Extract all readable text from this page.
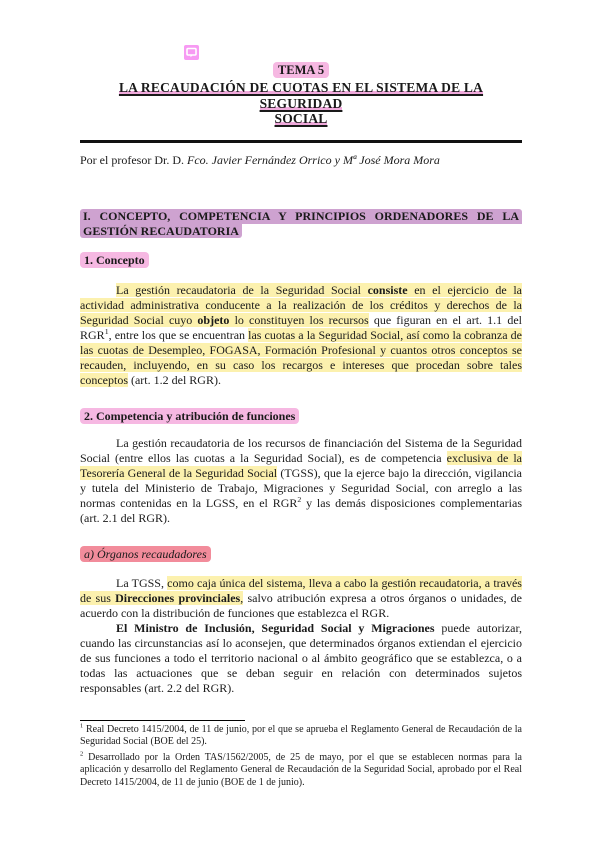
TEMA 5
LA RECAUDACIÓN DE CUOTAS EN EL SISTEMA DE LA SEGURIDAD
SOCIAL

Por el profesor Dr. D. Fco. Javier Fernández Orrico y Mª José Mora Mora

I. CONCEPTO, COMPETENCIA Y PRINCIPIOS ORDENADORES DE LA
GESTIÓN RECAUDATORIA
1. Concepto

La gestión recaudatoria de la Seguridad Social consiste en el ejercicio de la actividad administrativa conducente a la realización de los créditos y derechos de la Seguridad Social cuyo objeto lo constituyen los recursos que figuran en el art. 1.1 del RGR$^1$, entre los que se encuentran las cuotas a la Seguridad Social, así como la cobranza de las cuotas de Desempleo, FOGASA, Formación Profesional y cuantos otros conceptos se recauden, incluyendo, en su caso los recargos e intereses que procedan sobre tales conceptos (art. 1.2 del RGR).

2. Competencia y atribución de funciones

La gestión recaudatoria de los recursos de financiación del Sistema de la Seguridad Social (entre ellos las cuotas a la Seguridad Social), es de competencia exclusiva de la Tesorería General de la Seguridad Social (TGSS), que la ejerce bajo la dirección, vigilancia y tutela del Ministerio de Trabajo, Migraciones y Seguridad Social, con arreglo a las normas contenidas en la LGSS, en el RGR$^2$ y las demás disposiciones complementarias (art. 2.1 del RGR).

a) Órganos recaudadores

La TGSS, como caja única del sistema, lleva a cabo la gestión recaudatoria, a través de sus Direcciones provinciales, salvo atribución expresa a otros órganos o unidades, de acuerdo con la distribución de funciones que establezca el RGR.

El Ministro de Inclusión, Seguridad Social y Migraciones puede autorizar, cuando las circunstancias así lo aconsejen, que determinados órganos extiendan el ejercicio de sus funciones a todo el territorio nacional o al ámbito geográfico que se establezca, o a todas las actuaciones que se deban seguir en relación con determinados sujetos responsables (art. 2.2 del RGR).

$^1$ Real Decreto 1415/2004, de 11 de junio, por el que se aprueba el Reglamento General de Recaudación de la Seguridad Social (BOE del 25).

$^2$ Desarrollado por la Orden TAS/1562/2005, de 25 de mayo, por el que se establecen normas para la aplicación y desarrollo del Reglamento General de Recaudación de la Seguridad Social, aprobado por el Real Decreto 1415/2004, de 11 de junio (BOE de 1 de junio).
